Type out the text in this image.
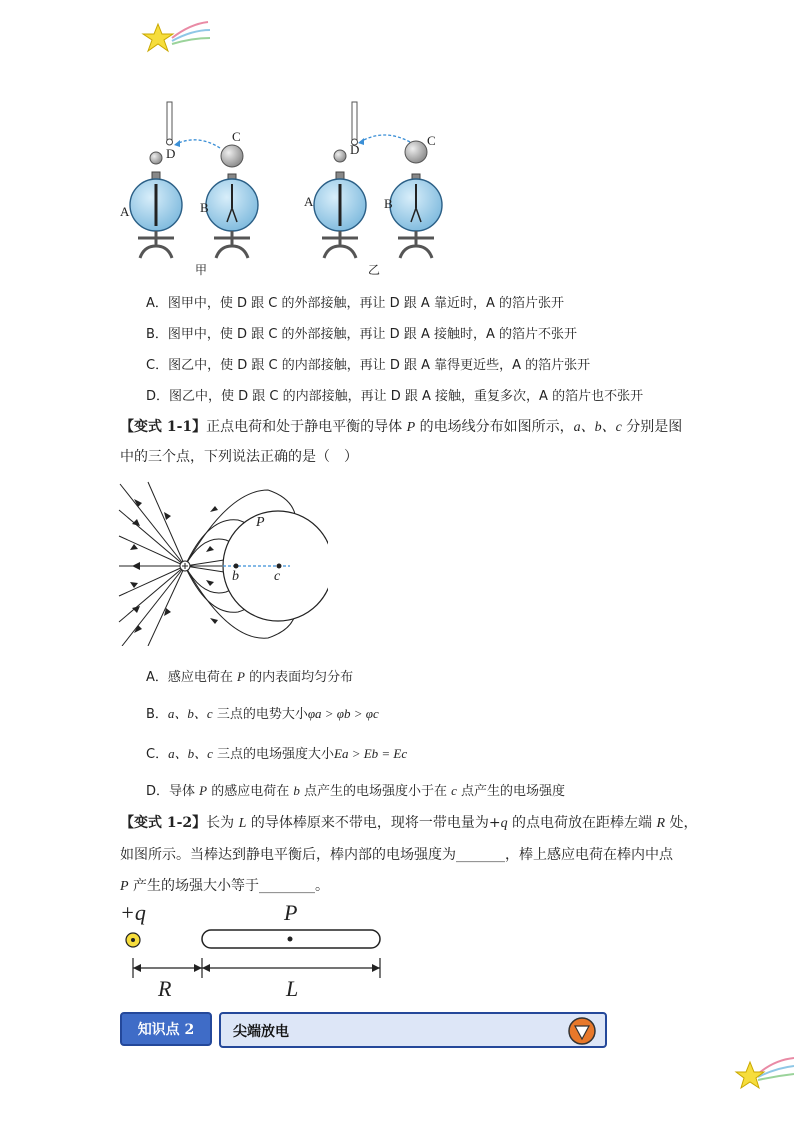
C
D
A	B
C
D
A	B
甲	乙
A．图甲中，使 D 跟 C 的外部接触，再让 D 跟 A 靠近时，A 的箔片张开
B．图甲中，使 D 跟 C 的外部接触，再让 D 跟 A 接触时，A 的箔片不张开
C．图乙中，使 D 跟 C 的内部接触，再让 D 跟 A 靠得更近些，A 的箔片张开
D．图乙中，使 D 跟 C 的内部接触，再让 D 跟 A 接触，重复多次，A 的箔片也不张开
【变式 1-1】正点电荷和处于静电平衡的导体 P 的电场线分布如图所示，a、b、c 分别是图
中的三个点，下列说法正确的是（　）
P
b	c
A．感应电荷在 P 的内表面均匀分布
B．a、b、c 三点的电势大小φa > φb > φc
C．a、b、c 三点的电场强度大小Ea > Eb = Ec
D．导体 P 的感应电荷在 b 点产生的电场强度小于在 c 点产生的电场强度
【变式 1-2】长为 L 的导体棒原来不带电，现将一带电量为+q 的点电荷放在距棒左端 R 处，
如图所示。当棒达到静电平衡后，棒内部的电场强度为_______，棒上感应电荷在棒内中点
P 产生的场强大小等于________。
+q	P
R	L
知识点 2	尖端放电
